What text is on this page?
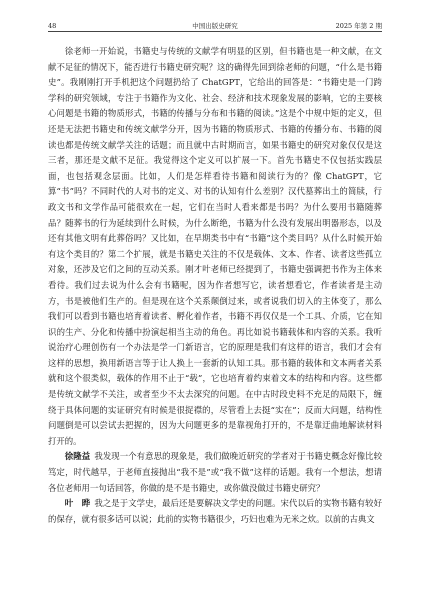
48	中国出版史研究	2025 年第 2 期

徐老师一开始说，书籍史与传统的文献学有明显的区别，但书籍也是一种文献，在文献不足征的情况下，能否进行书籍史研究呢？这的确得先回到徐老师的问题，“什么是书籍史”。我刚刚打开手机把这个问题扔给了 ChatGPT，它给出的回答是：“书籍史是一门跨学科的研究领域，专注于书籍作为文化、社会、经济和技术现象发展的影响，它的主要核心问题是书籍的物质形式，书籍的传播与分布和书籍的阅读。”这是个中规中矩的定义，但还是无法把书籍史和传统文献学分开，因为书籍的物质形式、书籍的传播分布、书籍的阅读也都是传统文献学关注的话题；而且就中古时期而言，如果书籍史的研究对象仅仅是这三者，那还是文献不足征。我觉得这个定义可以扩展一下。首先书籍史不仅包括实践层面，也包括观念层面。比如，人们是怎样看待书籍和阅读行为的？像 ChatGPT，它算“书”吗？不同时代的人对书的定义、对书的认知有什么差别？汉代墓葬出土的简牍，行政文书和文学作品可能很欢在一起，它们在当时人看来都是书吗？为什么要用书籍随葬品？随葬书的行为延续到什么时候，为什么断绝，书籍为什么没有发展出明器形态，以及还有其他文明有此葬俗吗？又比如，在早期类书中有“书籍”这个类目吗？从什么时候开始有这个类目的？第二个扩展，就是书籍史关注的不仅是载体、文本、作者、读者这些孤立对象，还涉及它们之间的互动关系。刚才叶老师已经提到了，书籍史强调把书作为主体来看待。我们过去说为什么会有书籍呢，因为作者想写它，读者想看它，作者读者是主动方，书是被他们生产的。但是现在这个关系颠倒过来，或者说我们切入的主体变了，那么我们可以看到书籍也培育着读者、孵化着作者，书籍不再仅仅是一个工具、介质，它在知识的生产、分化和传播中扮演起相当主动的角色。再比如说书籍载体和内容的关系。我听说治疗心理创伤有一个办法是学一门新语言，它的原理是我们有这样的语言，我们才会有这样的思想，换用新语言等于让人换上一套新的认知工具。那书籍的载体和文本两者关系就和这个很类似，载体的作用不止于“载”，它也培育着约束着文本的结构和内容。这些都是传统文献学不关注，或者至少不太去深究的问题。在中古时段史料不充足的局限下，缠绕于具体问题的实证研究有时候是很捉襟的，尽管看上去挺“实在”；反而大问题，结构性问题倒是可以尝试去把握的，因为大问题更多的是靠视角打开的，不是靠迂曲地解读材料打开的。

徐隆益 我发现一个有意思的现象是，我们做晚近研究的学者对于书籍史概念好像比较笃定，时代越早，于老师直接抛出“我不是”或“我不做”这样的话题。我有一个想法，想请各位老师用一句话回答，你做的是不是书籍史，或你做没做过书籍史研究？

叶　晔 我之是于文学史，最后还是要解决文学史的问题。宋代以后的实物书籍有较好的保存，就有很多话可以说；此前的实物书籍很少，巧妇也难为无米之炊。以前的古典文
